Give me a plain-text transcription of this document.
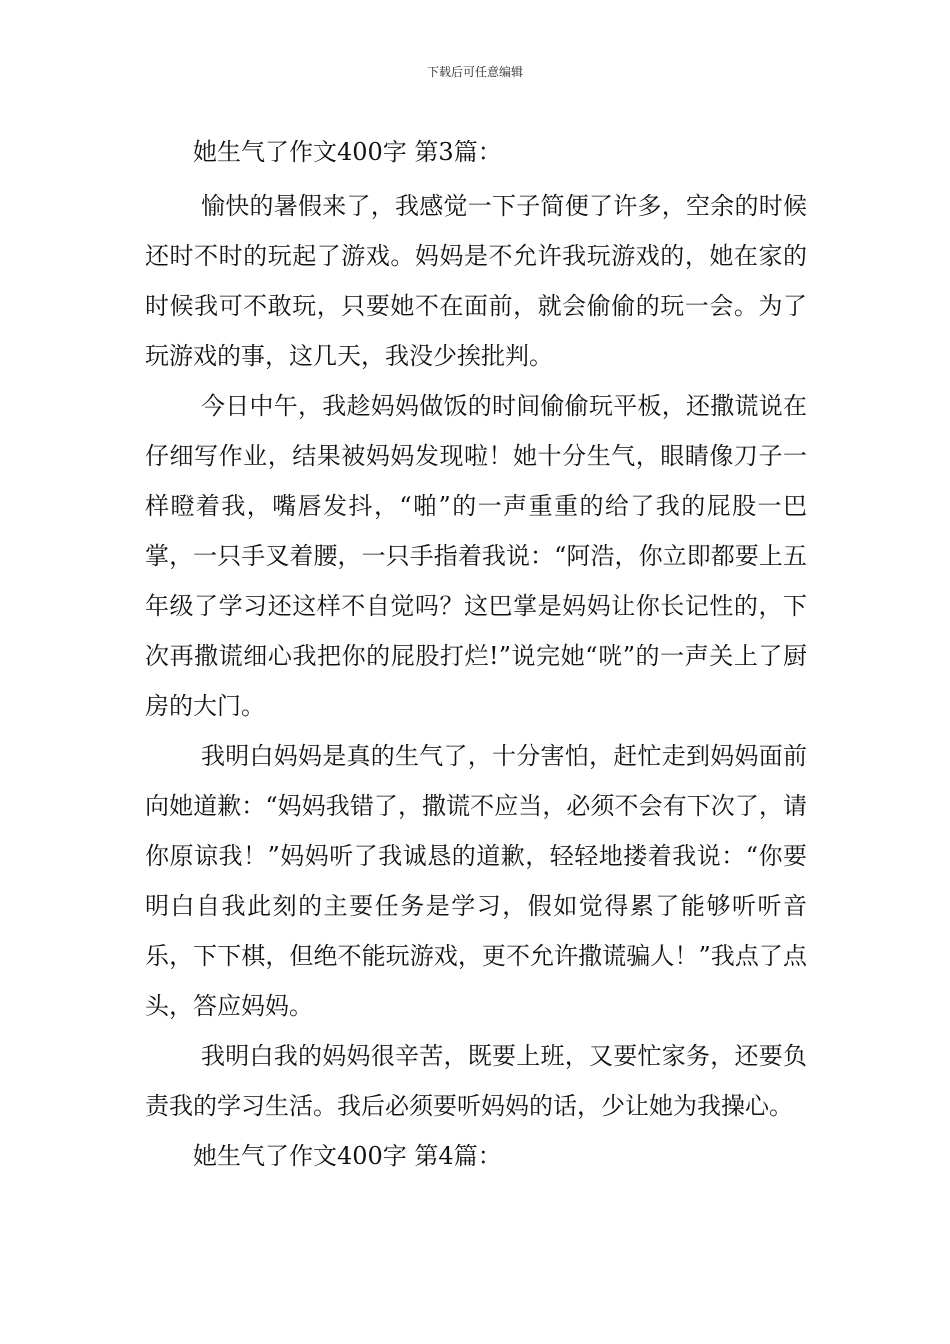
下载后可任意编辑

她生气了作文400字 第3篇：

愉快的暑假来了，我感觉一下子简便了许多，空余的时候还时不时的玩起了游戏。妈妈是不允许我玩游戏的，她在家的时候我可不敢玩，只要她不在面前，就会偷偷的玩一会。为了玩游戏的事，这几天，我没少挨批判。

今日中午，我趁妈妈做饭的时间偷偷玩平板，还撒谎说在仔细写作业，结果被妈妈发现啦！她十分生气，眼睛像刀子一样瞪着我，嘴唇发抖，“啪”的一声重重的给了我的屁股一巴掌，一只手叉着腰，一只手指着我说：“阿浩，你立即都要上五年级了学习还这样不自觉吗？这巴掌是妈妈让你长记性的，下次再撒谎细心我把你的屁股打烂!”说完她“咣”的一声关上了厨房的大门。

我明白妈妈是真的生气了，十分害怕，赶忙走到妈妈面前向她道歉：“妈妈我错了，撒谎不应当，必须不会有下次了，请你原谅我！”妈妈听了我诚恳的道歉，轻轻地搂着我说：“你要明白自我此刻的主要任务是学习，假如觉得累了能够听听音乐，下下棋，但绝不能玩游戏，更不允许撒谎骗人！”我点了点头，答应妈妈。

我明白我的妈妈很辛苦，既要上班，又要忙家务，还要负责我的学习生活。我后必须要听妈妈的话，少让她为我操心。

她生气了作文400字 第4篇：
